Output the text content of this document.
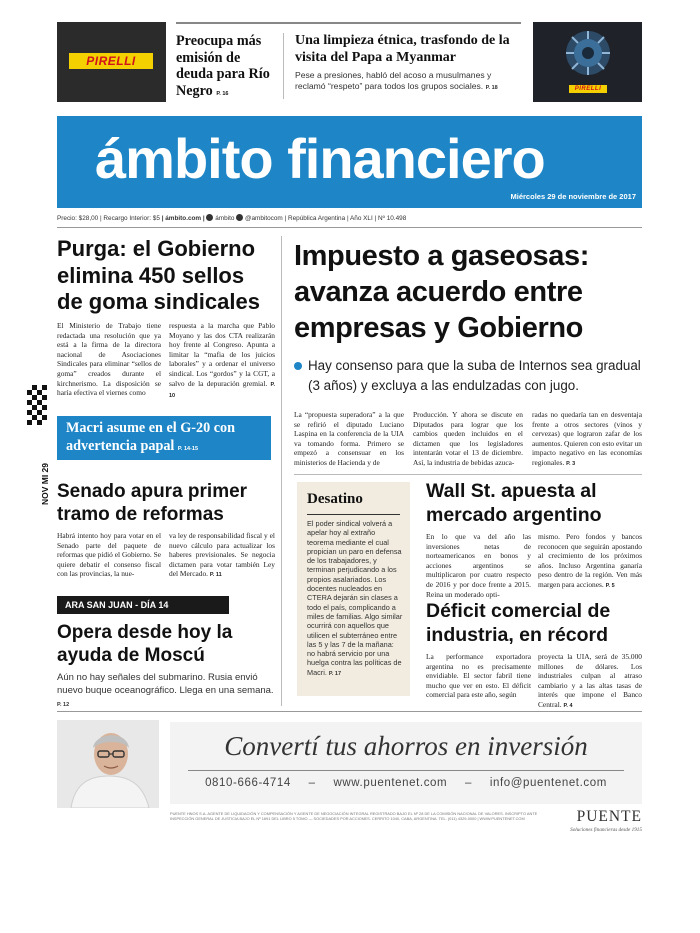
PIRELLI
Preocupa más emisión de deuda para Río Negro P. 16
Una limpieza étnica, trasfondo de la visita del Papa a Myanmar
Pese a presiones, habló del acoso a musulmanes y reclamó “respeto” para todos los grupos sociales. P. 18	PIRELLI
ámbito financiero
Miércoles 29 de noviembre de 2017
Precio: $28,00 | Recargo Interior: $5 | ámbito.com | ámbito @ambitocom | República Argentina | Año XLI | Nº 10.498
NOV MI 29
Purga: el Gobierno elimina 450 sellos de goma sindicales
El Ministerio de Trabajo tiene redactada una resolución que ya está a la firma de la directora nacional de Asociaciones Sindicales para eliminar “sellos de goma” creados durante el kirchnerismo. La disposición se haría efectiva el viernes como
respuesta a la marcha que Pablo Moyano y las dos CTA realizarán hoy frente al Congreso. Apunta a limitar la “mafia de los juicios laborales” y a ordenar el universo sindical. Los “gordos” y la CGT, a salvo de la depuración gremial. P. 10
Macri asume en el G-20 con advertencia papal P. 14-15
Senado apura primer tramo de reformas
Habrá intento hoy para votar en el Senado parte del paquete de reformas que pidió el Gobierno. Se quiere debatir el consenso fiscal con las provincias, la nue-
va ley de responsabilidad fiscal y el nuevo cálculo para actualizar los haberes previsionales. Se negocia dictamen para votar también Ley del Mercado. P. 11
ARA SAN JUAN - DÍA 14
Opera desde hoy la ayuda de Moscú
Aún no hay señales del submarino. Rusia envió nuevo buque oceanográfico. Llega en una semana. P. 12
Impuesto a gaseosas: avanza acuerdo entre empresas y Gobierno
Hay consenso para que la suba de Internos sea gradual (3 años) y excluya a las endulzadas con jugo.
La “propuesta superadora” a la que se refirió el diputado Luciano Laspina en la conferencia de la UIA va tomando forma. Primero se empezó a consensuar en los ministerios de Hacienda y de
Producción. Y ahora se discute en Diputados para lograr que los cambios queden incluidos en el dictamen que los legisladores intentarán votar el 13 de diciembre. Así, la industria de bebidas azuca-
radas no quedaría tan en desventaja frente a otros sectores (vinos y cervezas) que lograron zafar de los aumentos. Quieren con esto evitar un impacto negativo en las economías regionales. P. 3
Desatino
El poder sindical volverá a apelar hoy al extraño teorema mediante el cual propician un paro en defensa de los trabajadores, y terminan perjudicando a los propios asalariados. Los docentes nucleados en CTERA dejarán sin clases a todo el país, complicando a miles de familias. Algo similar ocurrirá con aquellos que utilicen el subterráneo entre las 5 y las 7 de la mañana: no habrá servicio por una huelga contra las políticas de Macri. P. 17
Wall St. apuesta al mercado argentino
En lo que va del año las inversiones netas de norteamericanos en bonos y acciones argentinos se multiplicaron por cuatro respecto de 2016 y por doce frente a 2015. Reina un moderado opti-
mismo. Pero fondos y bancos reconocen que seguirán apostando al crecimiento de los próximos años. Incluso Argentina ganaría peso dentro de la región. Ven más margen para acciones. P. 5
Déficit comercial de industria, en récord
La performance exportadora argentina no es precisamente envidiable. El sector fabril tiene mucho que ver en esto. El déficit comercial para este año, según
proyecta la UIA, será de 35.000 millones de dólares. Los industriales culpan al atraso cambiario y a las altas tasas de interés que impone el Banco Central. P. 4
Convertí tus ahorros en inversión
0810-666-4714 – www.puentenet.com – info@puentenet.com
PUENTE HNOS S.A. AGENTE DE LIQUIDACIÓN Y COMPENSACIÓN Y AGENTE DE NEGOCIACIÓN INTEGRAL REGISTRADO BAJO EL Nº 28 DE LA COMISIÓN NACIONAL DE VALORES. INSCRIPTO ANTE INSPECCIÓN GENERAL DE JUSTICIA BAJO EL Nº 1691 DEL LIBRO 5 TOMO — SOCIEDADES POR ACCIONES. CERRITO 1040, CABA, ARGENTINA. TEL. (011) 4329-0000 | WWW.PUENTENET.COM	PUENTE
Soluciones financieras desde 1915
